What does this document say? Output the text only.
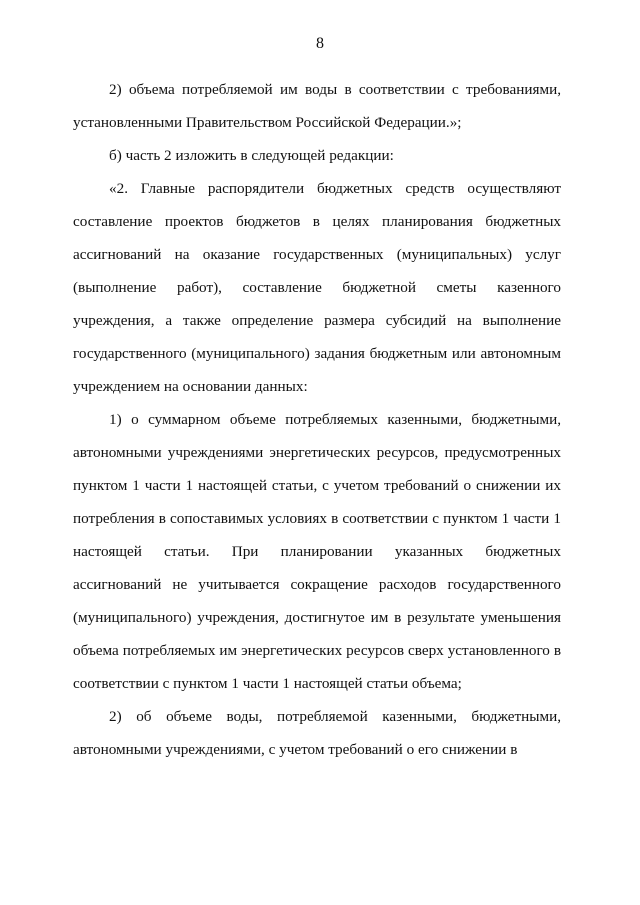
8

2) объема потребляемой им воды в соответствии с требованиями, установленными Правительством Российской Федерации.»;

б) часть 2 изложить в следующей редакции:

«2. Главные распорядители бюджетных средств осуществляют составление проектов бюджетов в целях планирования бюджетных ассигнований на оказание государственных (муниципальных) услуг (выполнение работ), составление бюджетной сметы казенного учреждения, а также определение размера субсидий на выполнение государственного (муниципального) задания бюджетным или автономным учреждением на основании данных:

1) о суммарном объеме потребляемых казенными, бюджетными, автономными учреждениями энергетических ресурсов, предусмотренных пунктом 1 части 1 настоящей статьи, с учетом требований о снижении их потребления в сопоставимых условиях в соответствии с пунктом 1 части 1 настоящей статьи. При планировании указанных бюджетных ассигнований не учитывается сокращение расходов государственного (муниципального) учреждения, достигнутое им в результате уменьшения объема потребляемых им энергетических ресурсов сверх установленного в соответствии с пунктом 1 части 1 настоящей статьи объема;

2) об объеме воды, потребляемой казенными, бюджетными, автономными учреждениями, с учетом требований о его снижении в
